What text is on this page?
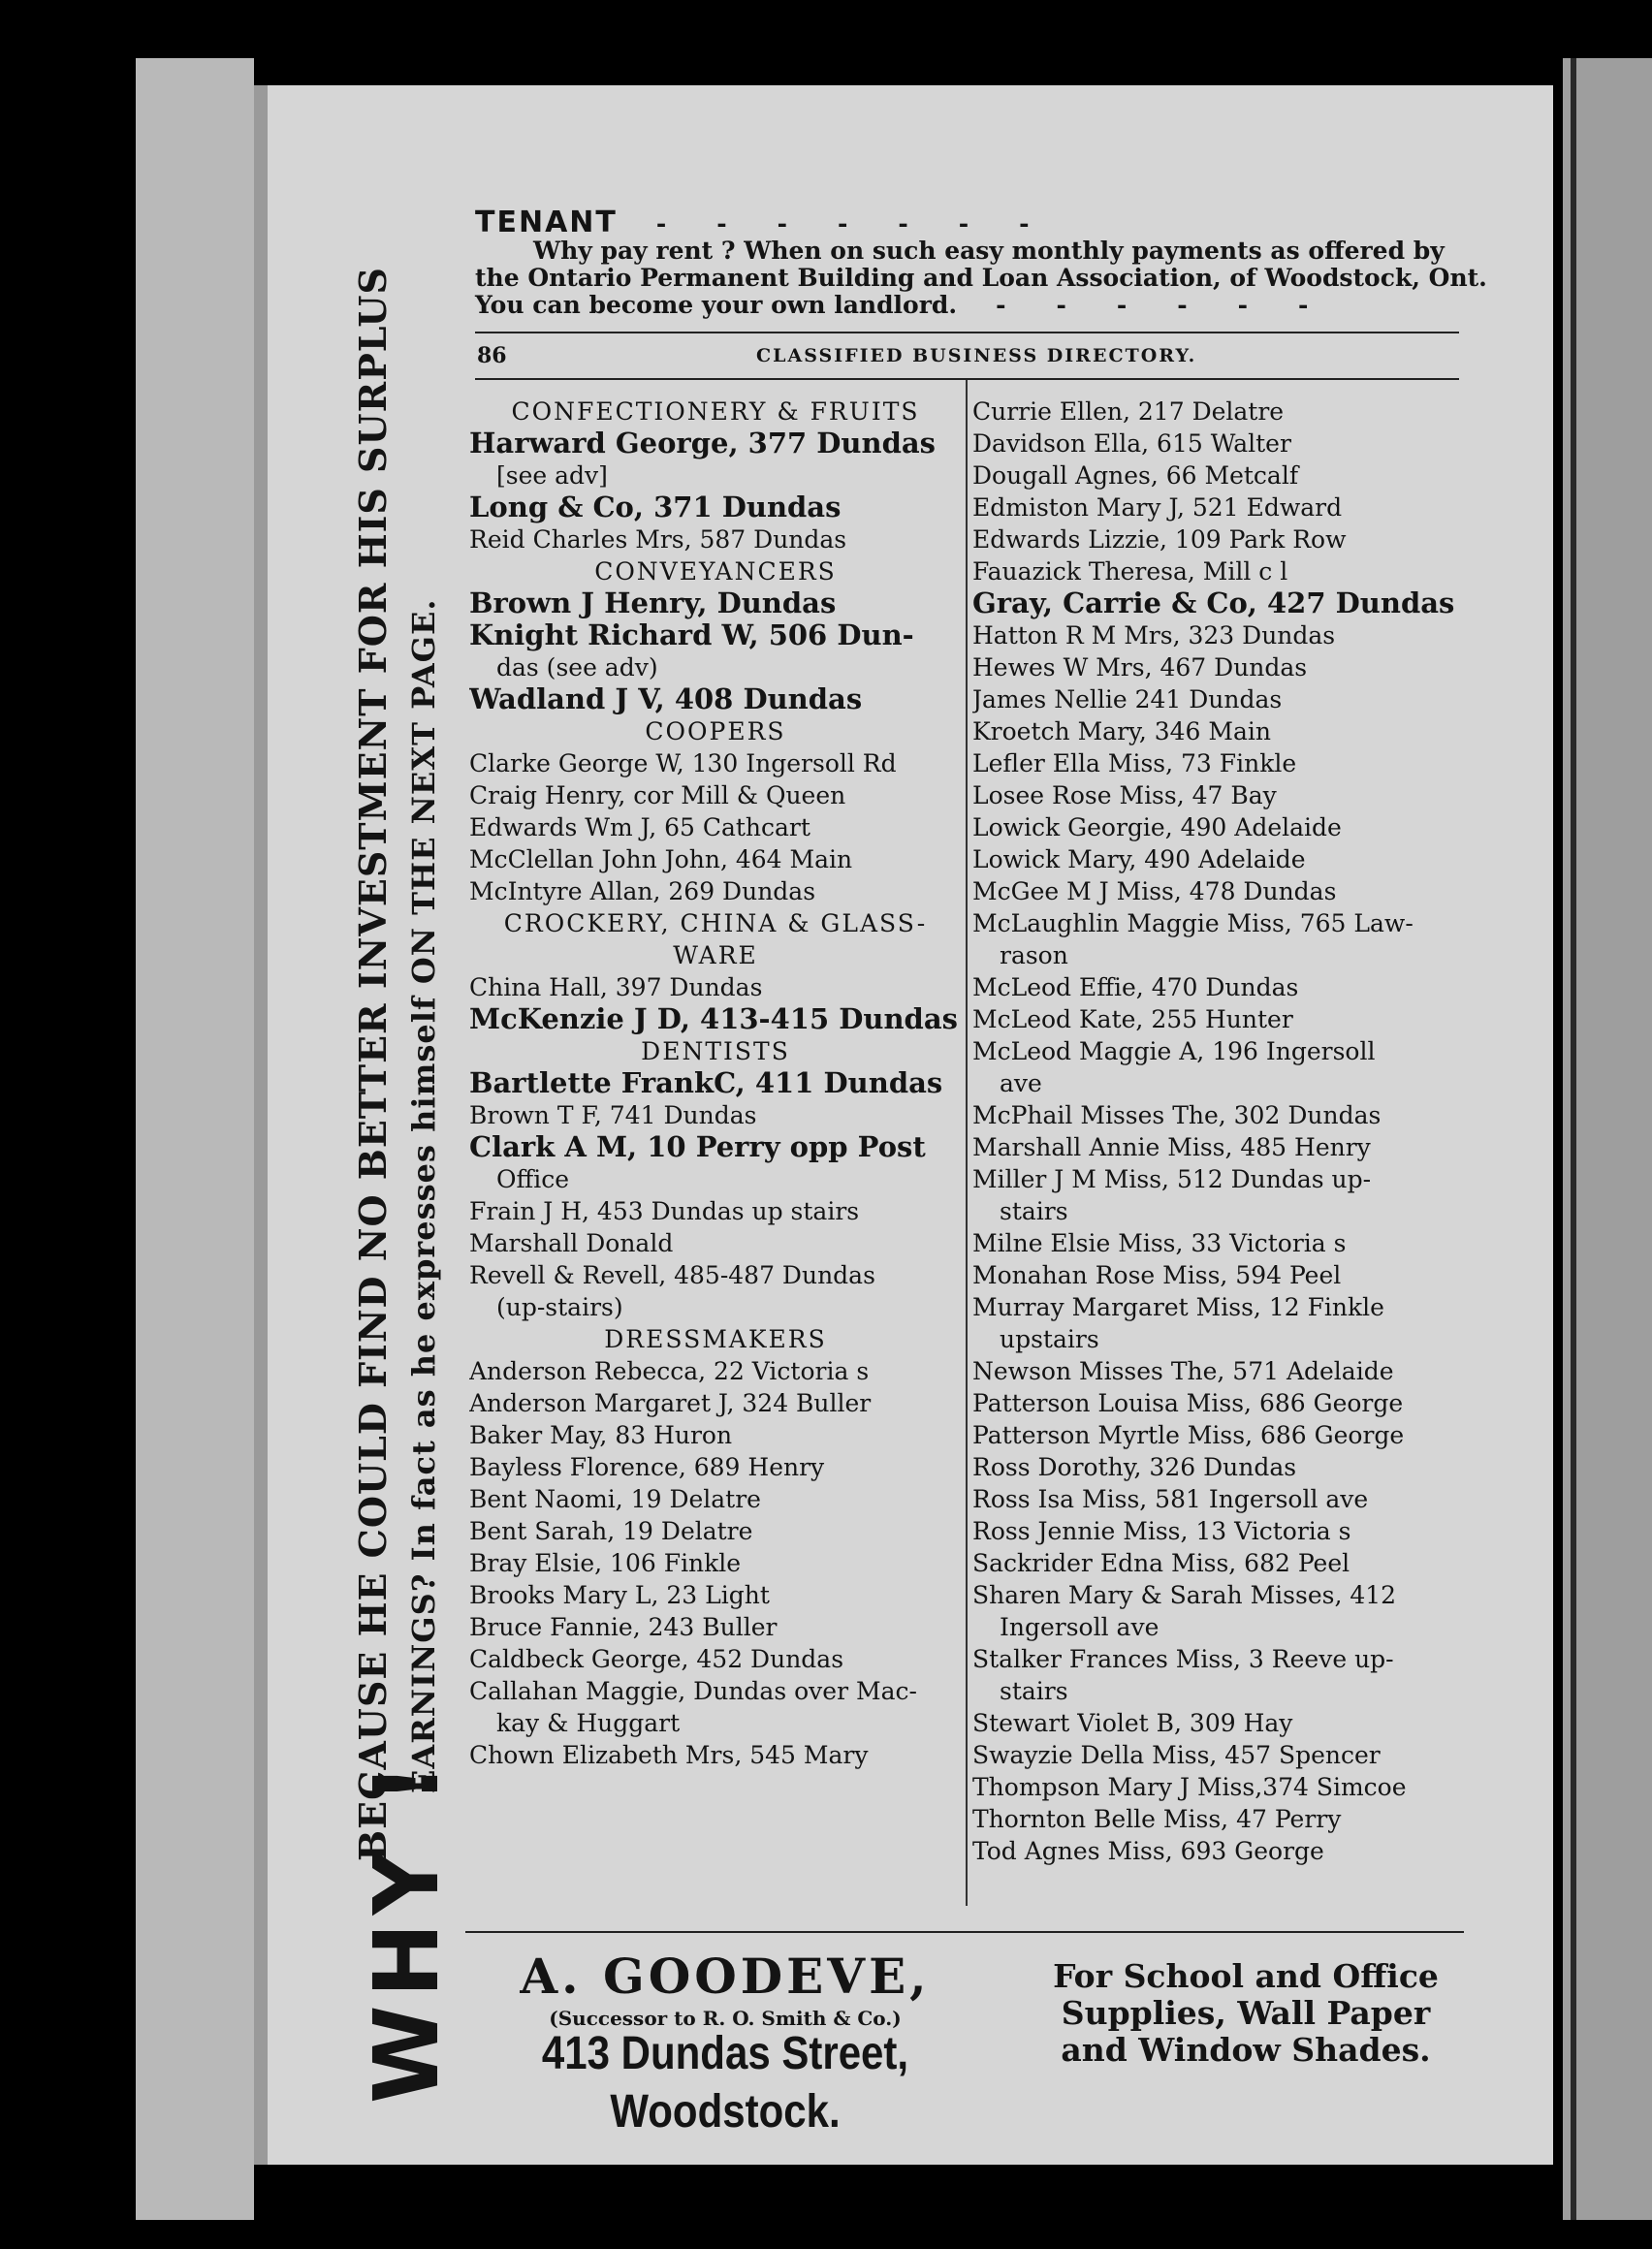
WHY !
BECAUSE HE COULD FIND NO BETTER INVESTMENT FOR HIS SURPLUS EARNINGS? In fact as he expresses himself ON THE NEXT PAGE.
TENANT -------
Why pay rent ? When on such easy monthly payments as offered by
the Ontario Permanent Building and Loan Association, of Woodstock, Ont.
You can become your own landlord. ------
86	CLASSIFIED BUSINESS DIRECTORY.
CONFECTIONERY & FRUITS
Harward George, 377 Dundas
[see adv]
Long & Co, 371 Dundas
Reid Charles Mrs, 587 Dundas
CONVEYANCERS
Brown J Henry, Dundas
Knight Richard W, 506 Dun-
das (see adv)
Wadland J V, 408 Dundas
COOPERS
Clarke George W, 130 Ingersoll Rd
Craig Henry, cor Mill & Queen
Edwards Wm J, 65 Cathcart
McClellan John John, 464 Main
McIntyre Allan, 269 Dundas
CROCKERY, CHINA & GLASS-
WARE
China Hall, 397 Dundas
McKenzie J D, 413-415 Dundas
DENTISTS
Bartlette FrankC, 411 Dundas
Brown T F, 741 Dundas
Clark A M, 10 Perry opp Post
Office
Frain J H, 453 Dundas up stairs
Marshall Donald
Revell & Revell, 485-487 Dundas
(up-stairs)
DRESSMAKERS
Anderson Rebecca, 22 Victoria s
Anderson Margaret J, 324 Buller
Baker May, 83 Huron
Bayless Florence, 689 Henry
Bent Naomi, 19 Delatre
Bent Sarah, 19 Delatre
Bray Elsie, 106 Finkle
Brooks Mary L, 23 Light
Bruce Fannie, 243 Buller
Caldbeck George, 452 Dundas
Callahan Maggie, Dundas over Mac-
kay & Huggart
Chown Elizabeth Mrs, 545 Mary
Currie Ellen, 217 Delatre
Davidson Ella, 615 Walter
Dougall Agnes, 66 Metcalf
Edmiston Mary J, 521 Edward
Edwards Lizzie, 109 Park Row
Fauazick Theresa, Mill c l
Gray, Carrie & Co, 427 Dundas
Hatton R M Mrs, 323 Dundas
Hewes W Mrs, 467 Dundas
James Nellie 241 Dundas
Kroetch Mary, 346 Main
Lefler Ella Miss, 73 Finkle
Losee Rose Miss, 47 Bay
Lowick Georgie, 490 Adelaide
Lowick Mary, 490 Adelaide
McGee M J Miss, 478 Dundas
McLaughlin Maggie Miss, 765 Law-
rason
McLeod Effie, 470 Dundas
McLeod Kate, 255 Hunter
McLeod Maggie A, 196 Ingersoll
ave
McPhail Misses The, 302 Dundas
Marshall Annie Miss, 485 Henry
Miller J M Miss, 512 Dundas up-
stairs
Milne Elsie Miss, 33 Victoria s
Monahan Rose Miss, 594 Peel
Murray Margaret Miss, 12 Finkle
upstairs
Newson Misses The, 571 Adelaide
Patterson Louisa Miss, 686 George
Patterson Myrtle Miss, 686 George
Ross Dorothy, 326 Dundas
Ross Isa Miss, 581 Ingersoll ave
Ross Jennie Miss, 13 Victoria s
Sackrider Edna Miss, 682 Peel
Sharen Mary & Sarah Misses, 412
Ingersoll ave
Stalker Frances Miss, 3 Reeve up-
stairs
Stewart Violet B, 309 Hay
Swayzie Della Miss, 457 Spencer
Thompson Mary J Miss,374 Simcoe
Thornton Belle Miss, 47 Perry
Tod Agnes Miss, 693 George
A. GOODEVE,
(Successor to R. O. Smith & Co.)
413 Dundas Street, Woodstock.
For School and Office
Supplies, Wall Paper
and Window Shades.
